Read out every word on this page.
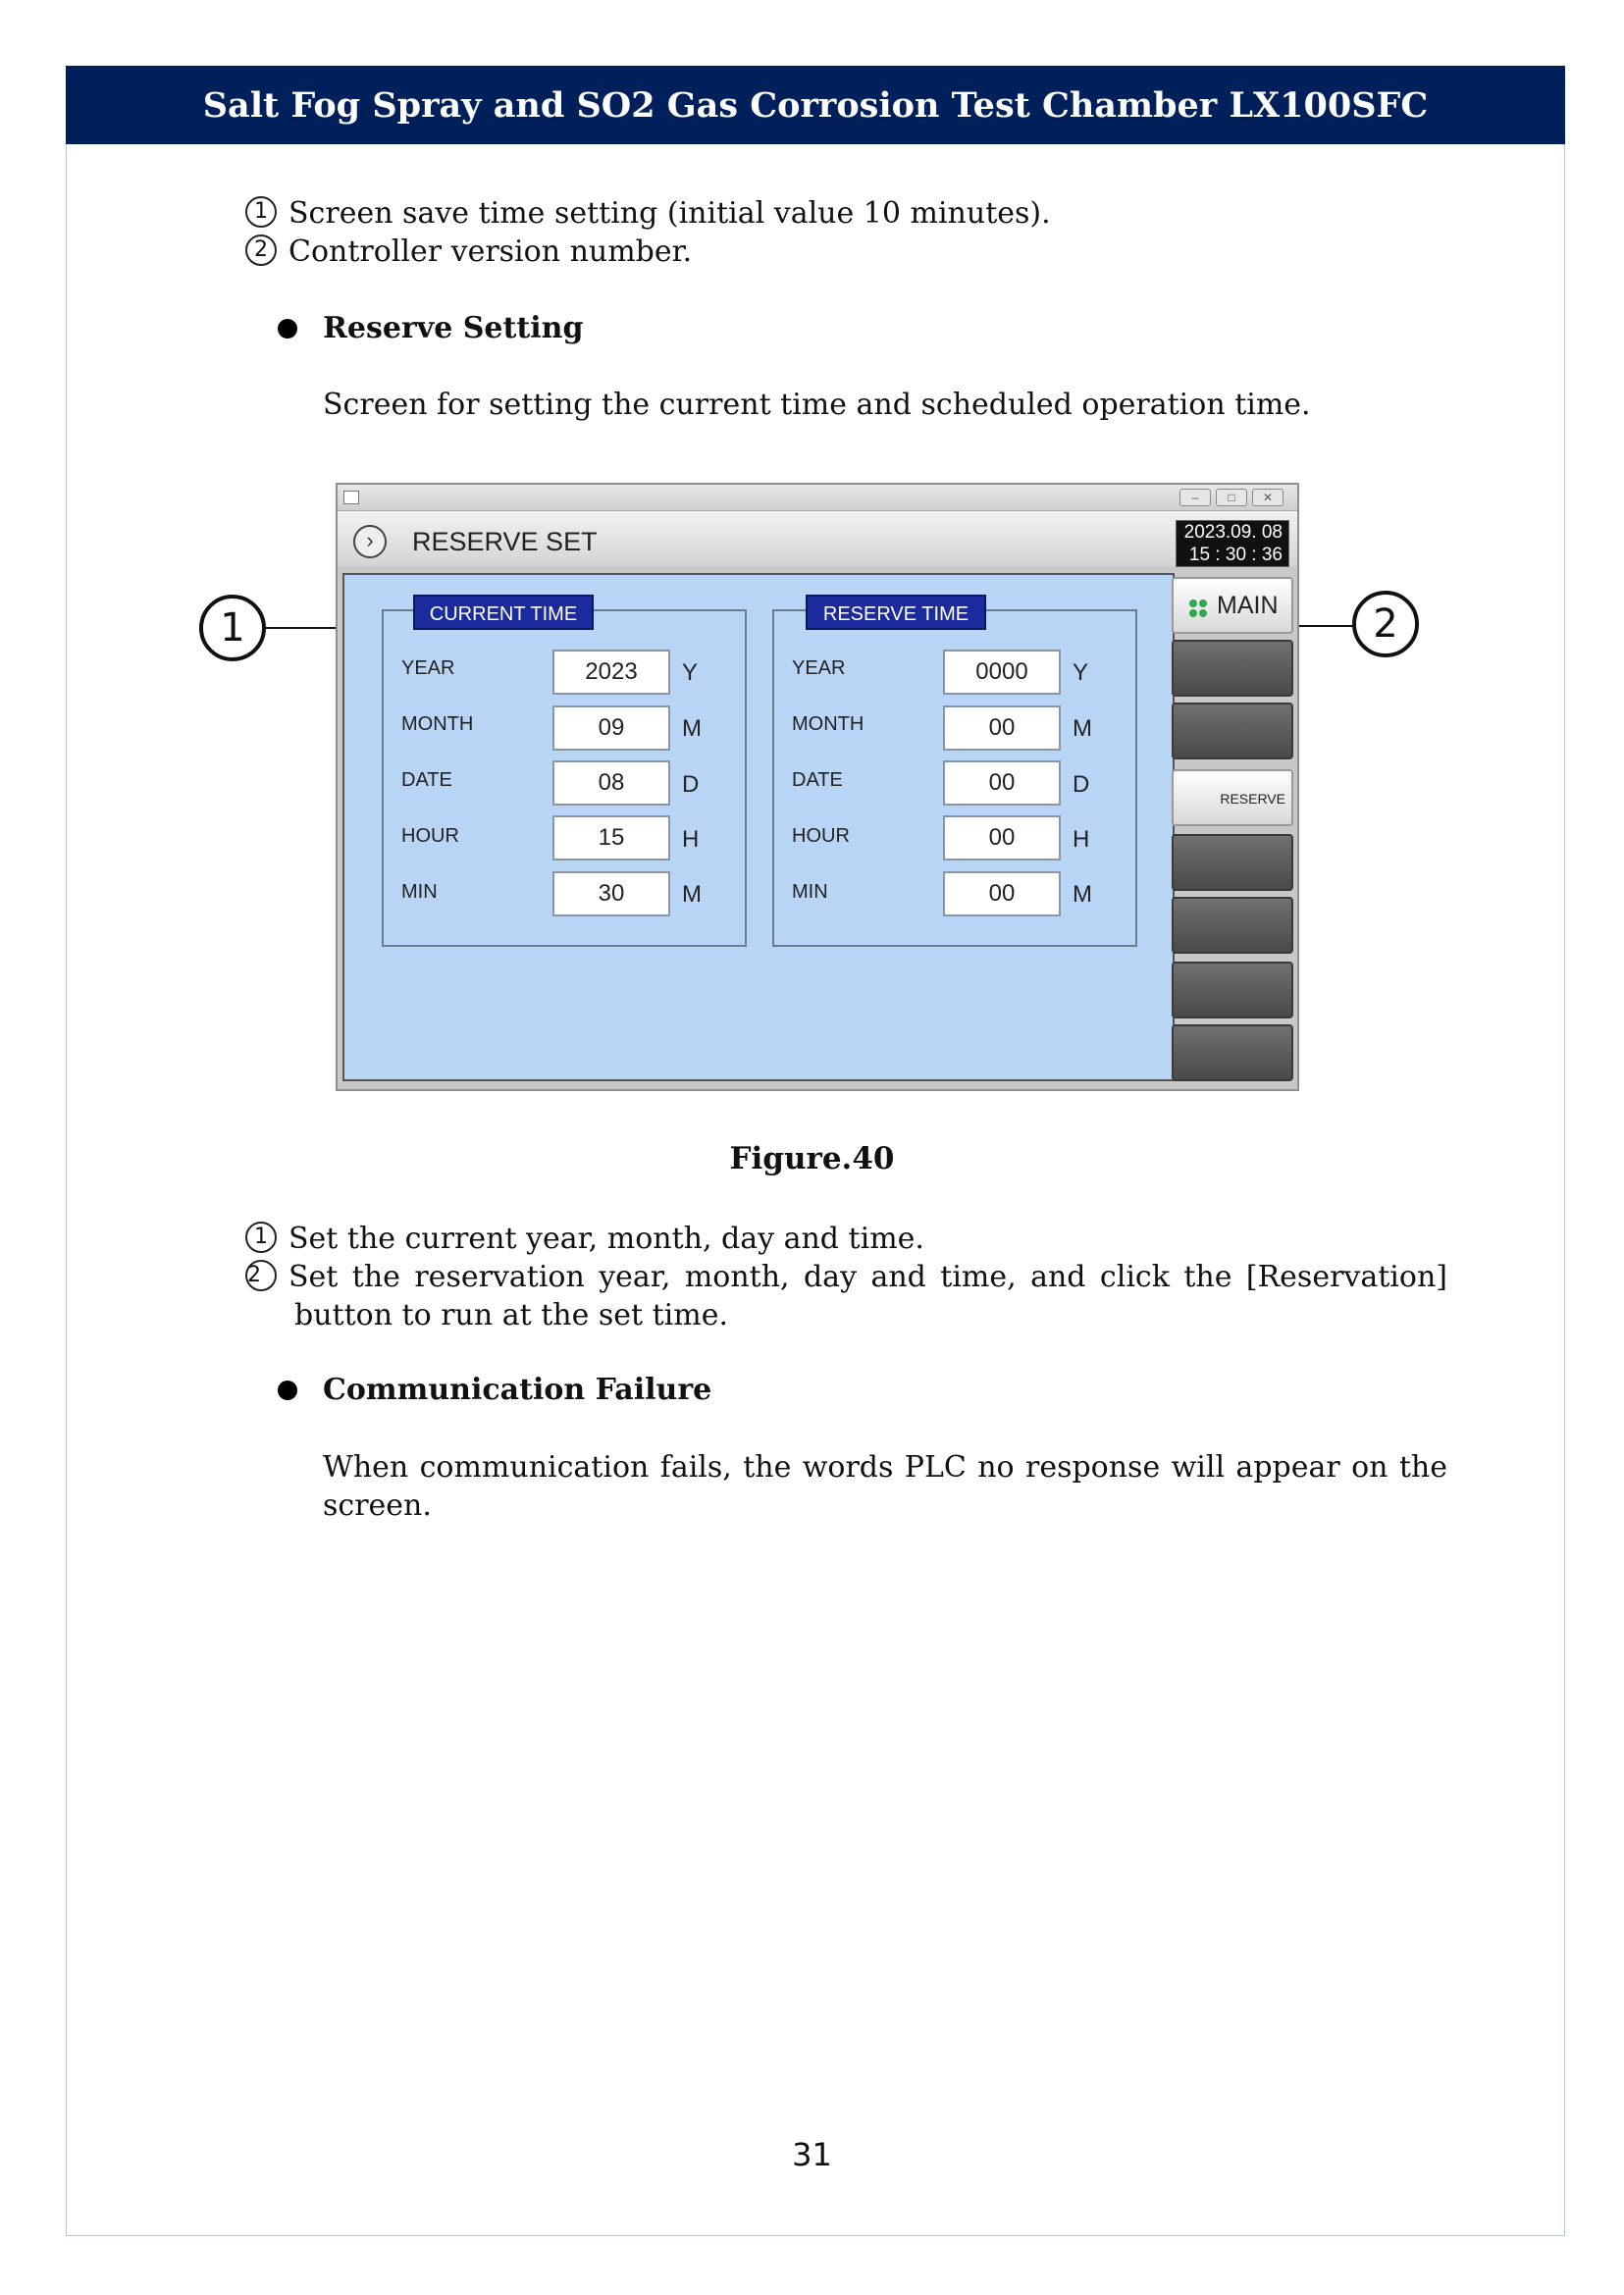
Salt Fog Spray and SO2 Gas Corrosion Test Chamber LX100SFC
1 Screen save time setting (initial value 10 minutes).
2 Controller version number.
Reserve Setting
Screen for setting the current time and scheduled operation time.
1	2
–	□	✕
›	RESERVE SET	2023.09. 08
15 : 30 : 36
CURRENT TIME
YEAR	2023	Y
MONTH	09	M
DATE	08	D
HOUR	15	H
MIN	30	M
RESERVE TIME
YEAR	0000	Y
MONTH	00	M
DATE	00	D
HOUR	00	H
MIN	00	M
MAIN
RESERVE
Figure.40
1 Set the current year, month, day and time.
2 Set the reservation year, month, day and time, and click the [Reservation]
button to run at the set time.
Communication Failure
When communication fails, the words PLC no response will appear on the
screen.
31
